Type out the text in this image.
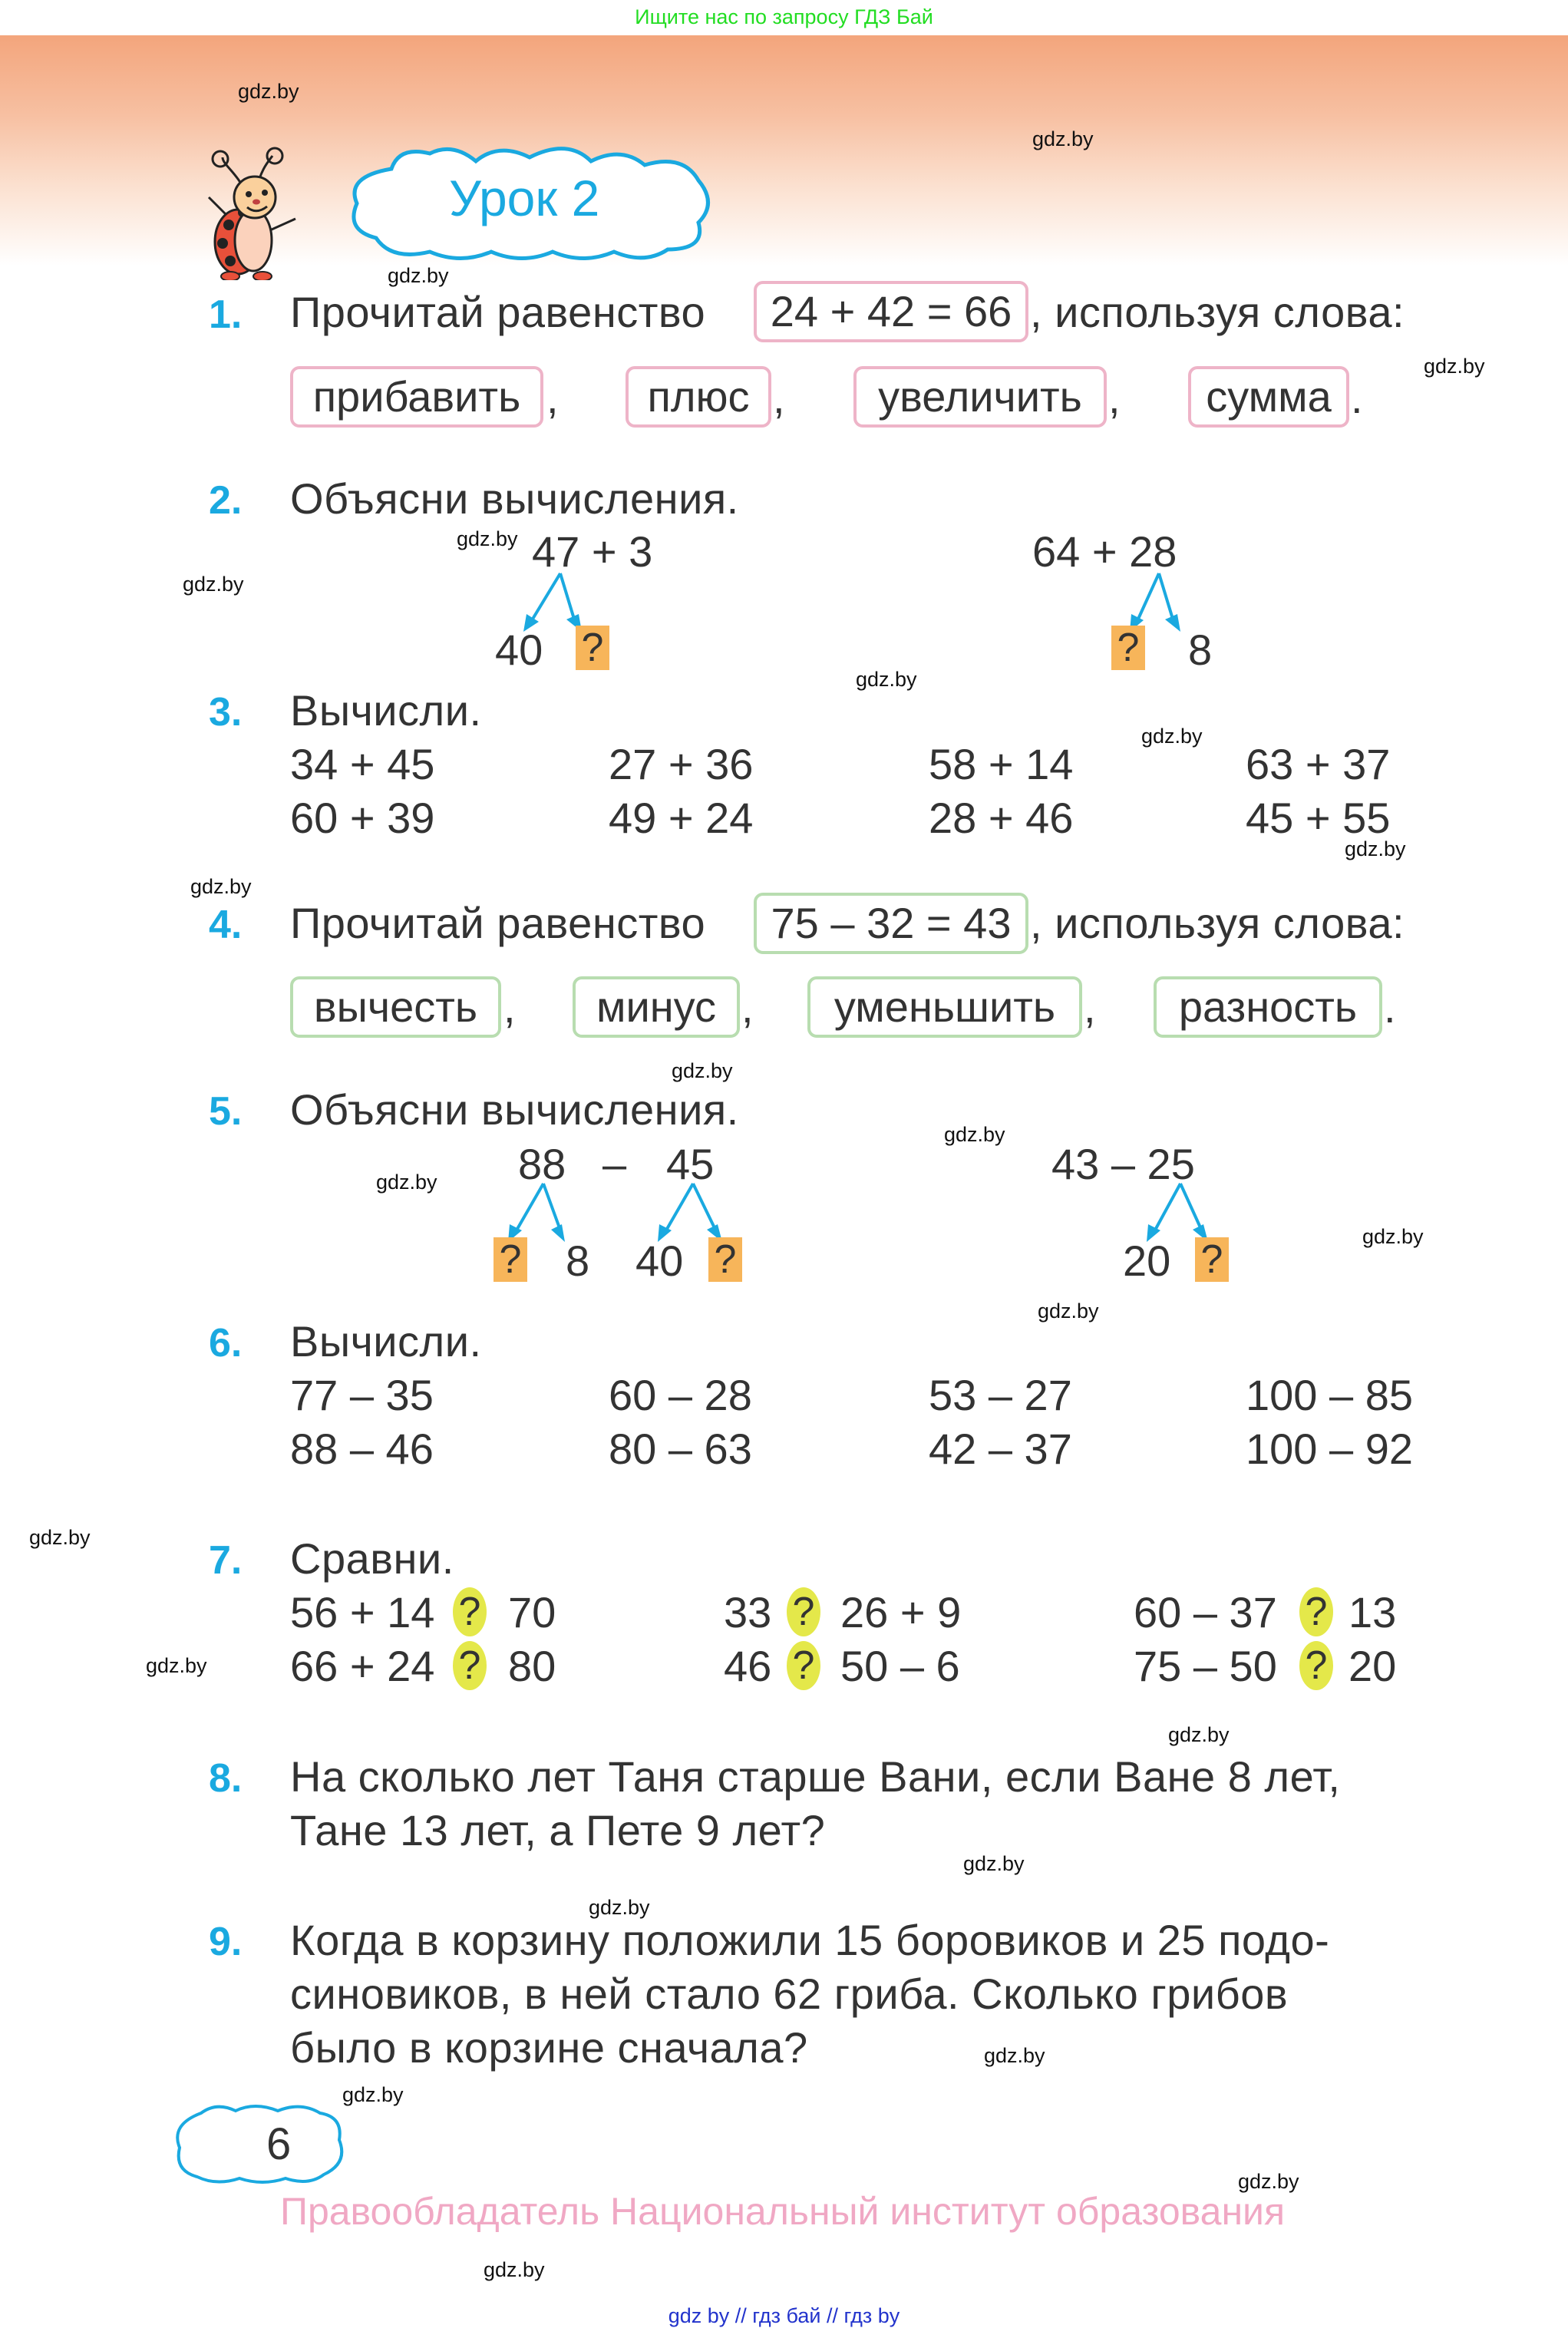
Ищите нас по запросу ГДЗ Бай
Урок 2
gdz.by
gdz.by
gdz.by
gdz.by
gdz.by
gdz.by
gdz.by
gdz.by
gdz.by
gdz.by
gdz.by
gdz.by
gdz.by
gdz.by
gdz.by
gdz.by
gdz.by
gdz.by
gdz.by
gdz.by
gdz.by
gdz.by
gdz.by
gdz.by
1. Прочитай равенство	24 + 42 = 66 , используя слова:
прибавить ,	плюс ,	увеличить ,	сумма .
2. Объясни вычисления.
47 + 3
40 ?
64 + 28
? 8
3. Вычисли.
34 + 45	27 + 36	58 + 14	63 + 37
60 + 39	49 + 24	28 + 46	45 + 55
4. Прочитай равенство	75 – 32 = 43 , используя слова:
вычесть ,	минус ,	уменьшить ,	разность .
5. Объясни вычисления.
88 – 45
? 8 40 ?
43 – 25
20 ?
6. Вычисли.
77 – 35	60 – 28	53 – 27	100 – 85
88 – 46	80 – 63	42 – 37	100 – 92
7. Сравни.
56 + 14 ? 70	33 ? 26 + 9	60 – 37 ? 13
66 + 24 ? 80	46 ? 50 – 6	75 – 50 ? 20
8. На сколько лет Таня старше Вани, если Ване 8 лет,
Тане 13 лет, а Пете 9 лет?
9. Когда в корзину положили 15 боровиков и 25 подо-
синовиков, в ней стало 62 гриба. Сколько грибов
было в корзине сначала?
6
Правообладатель Национальный институт образования
gdz by // гдз бай // гдз by
